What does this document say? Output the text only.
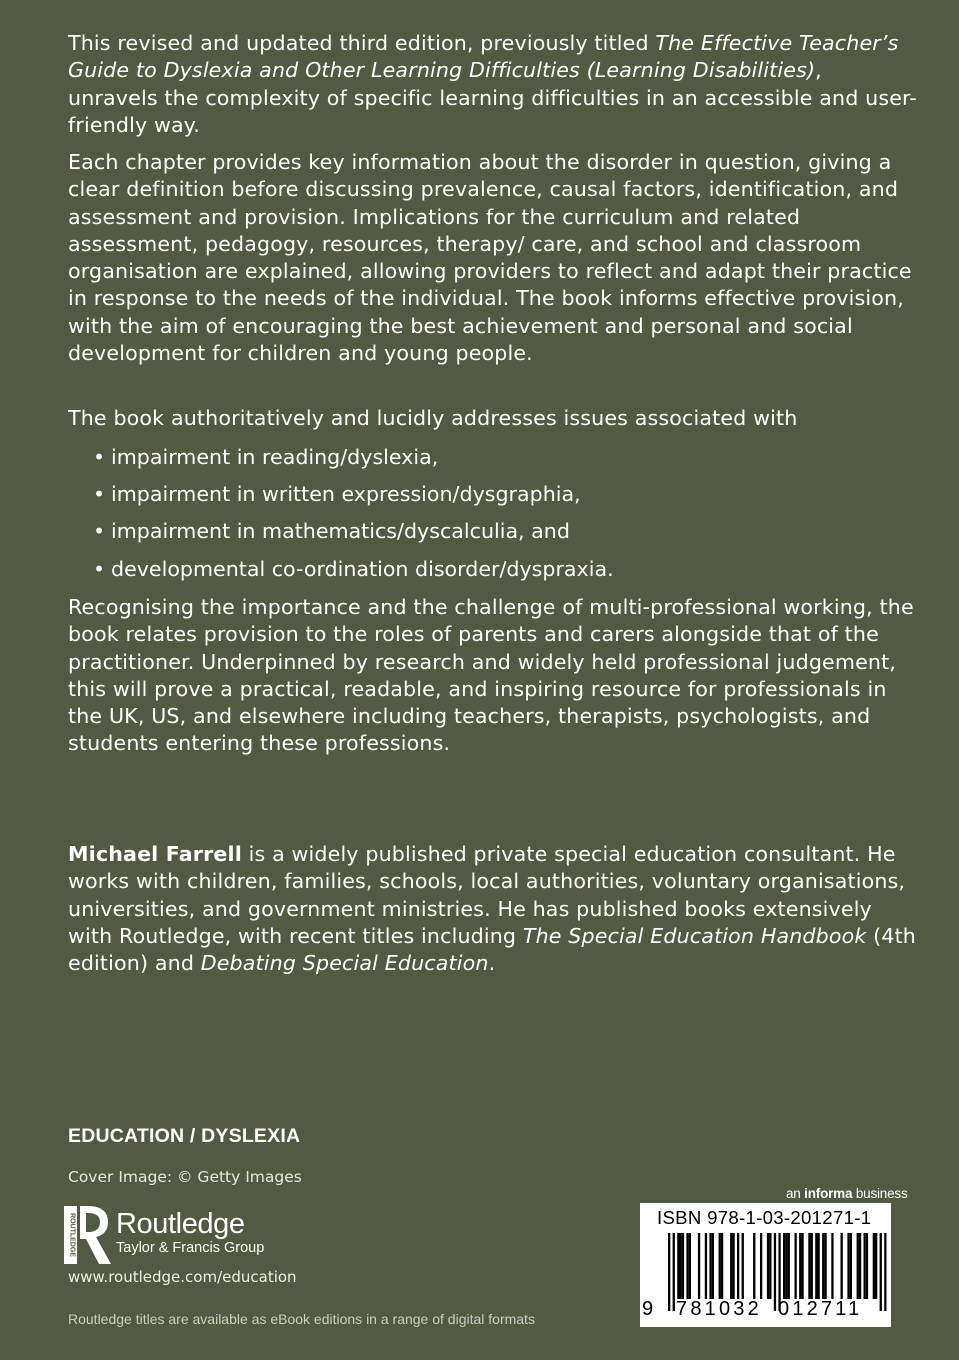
This revised and updated third edition, previously titled The Effective Teacher’s Guide to Dyslexia and Other Learning Difficulties (Learning Disabilities), unravels the complexity of specific learning difficulties in an accessible and user-friendly way.

Each chapter provides key information about the disorder in question, giving a clear definition before discussing prevalence, causal factors, identification, and assessment and provision. Implications for the curriculum and related assessment, pedagogy, resources, therapy/ care, and school and classroom organisation are explained, allowing providers to reflect and adapt their practice in response to the needs of the individual. The book informs effective provision, with the aim of encouraging the best achievement and personal and social development for children and young people.

The book authoritatively and lucidly addresses issues associated with

• impairment in reading/dyslexia,
• impairment in written expression/dysgraphia,
• impairment in mathematics/dyscalculia, and
• developmental co-ordination disorder/dyspraxia.

Recognising the importance and the challenge of multi-professional working, the book relates provision to the roles of parents and carers alongside that of the practitioner. Underpinned by research and widely held professional judgement, this will prove a practical, readable, and inspiring resource for professionals in the UK, US, and elsewhere including teachers, therapists, psychologists, and students entering these professions.

Michael Farrell is a widely published private special education consultant. He works with children, families, schools, local authorities, voluntary organisations, universities, and government ministries. He has published books extensively with Routledge, with recent titles including The Special Education Handbook (4th edition) and Debating Special Education.

EDUCATION / DYSLEXIA
Cover Image: © Getty Images
ROUTLEDGE Routledge
Taylor & Francis Group
www.routledge.com/education
Routledge titles are available as eBook editions in a range of digital formats
an informa business
ISBN 978-1-03-201271-1
9 781032 012711
